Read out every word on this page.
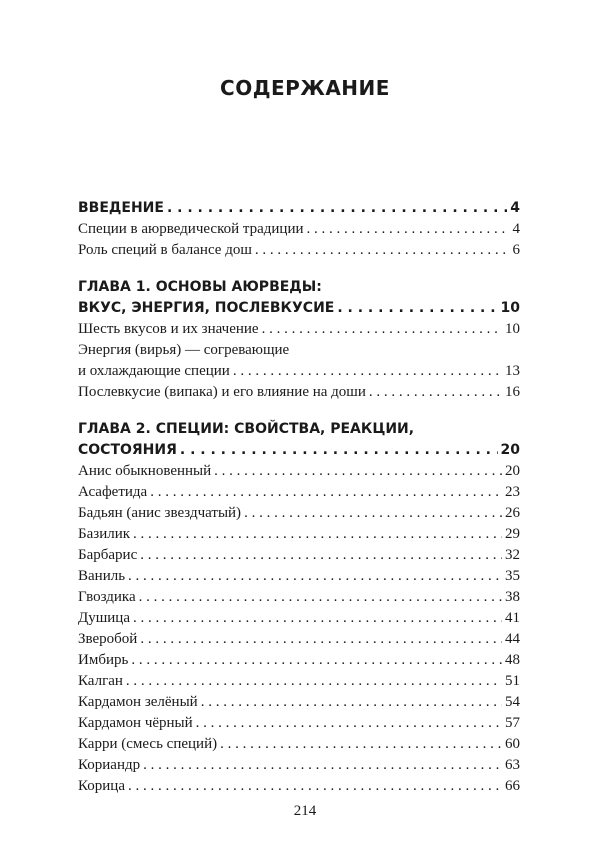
СОДЕРЖАНИЕ
ВВЕДЕНИЕ . . .	4
Специи в аюрведической традиции . . .	4
Роль специй в балансе дош . . .	6
ГЛАВА 1. ОСНОВЫ АЮРВЕДЫ:
ВКУС, ЭНЕРГИЯ, ПОСЛЕВКУСИЕ . . .	10
Шесть вкусов и их значение . . .	10
Энергия (вирья) — согревающие
и охлаждающие специи . . .	13
Послевкусие (випака) и его влияние на доши . . .	16
ГЛАВА 2. СПЕЦИИ: СВОЙСТВА, РЕАКЦИИ,
СОСТОЯНИЯ . . .	20
Анис обыкновенный . . .	20
Асафетида . . .	23
Бадьян (анис звездчатый) . . .	26
Базилик . . .	29
Барбарис . . .	32
Ваниль . . .	35
Гвоздика . . .	38
Душица . . .	41
Зверобой . . .	44
Имбирь . . .	48
Калган . . .	51
Кардамон зелёный . . .	54
Кардамон чёрный . . .	57
Карри (смесь специй) . . .	60
Кориандр . . .	63
Корица . . .	66
214
